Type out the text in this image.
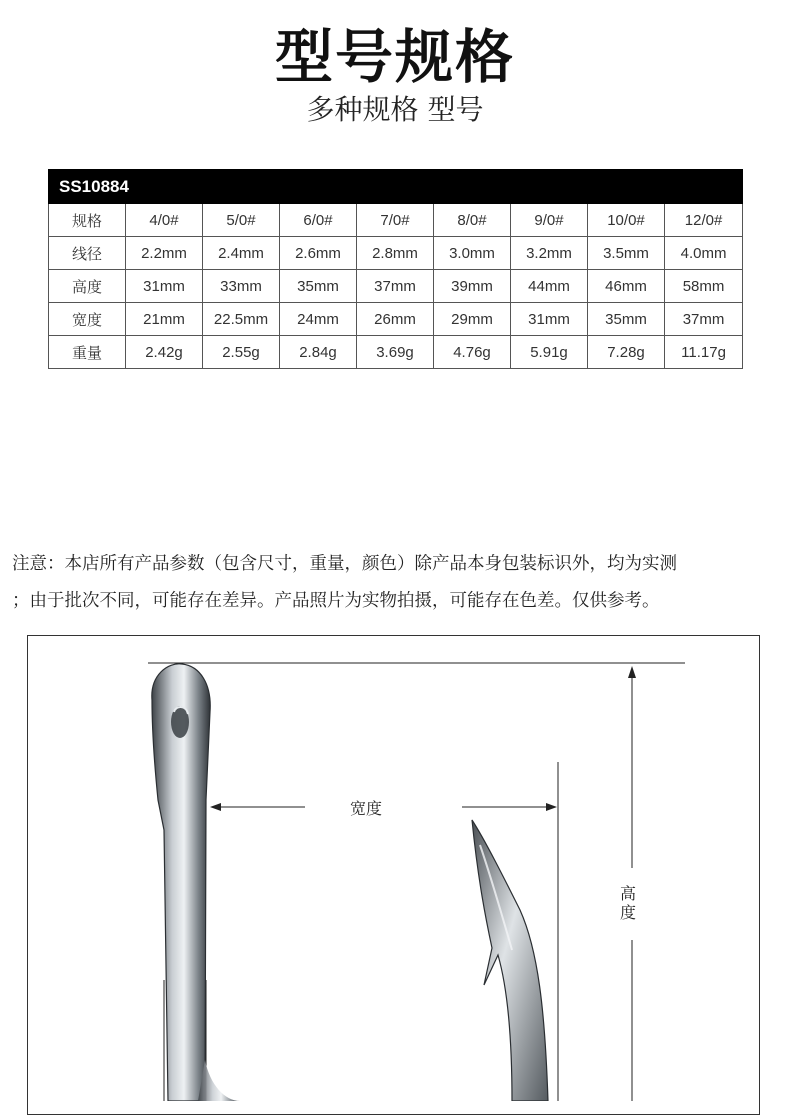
型号规格
多种规格 型号
SS10884								
规格	4/0#	5/0#	6/0#	7/0#	8/0#	9/0#	10/0#	12/0#
线径	2.2mm	2.4mm	2.6mm	2.8mm	3.0mm	3.2mm	3.5mm	4.0mm
高度	31mm	33mm	35mm	37mm	39mm	44mm	46mm	58mm
宽度	21mm	22.5mm	24mm	26mm	29mm	31mm	35mm	37mm
重量	2.42g	2.55g	2.84g	3.69g	4.76g	5.91g	7.28g	11.17g
注意：本店所有产品参数（包含尺寸，重量，颜色）除产品本身包装标识外，均为实测
；由于批次不同，可能存在差异。产品照片为实物拍摄，可能存在色差。仅供参考。
宽度
高
度
